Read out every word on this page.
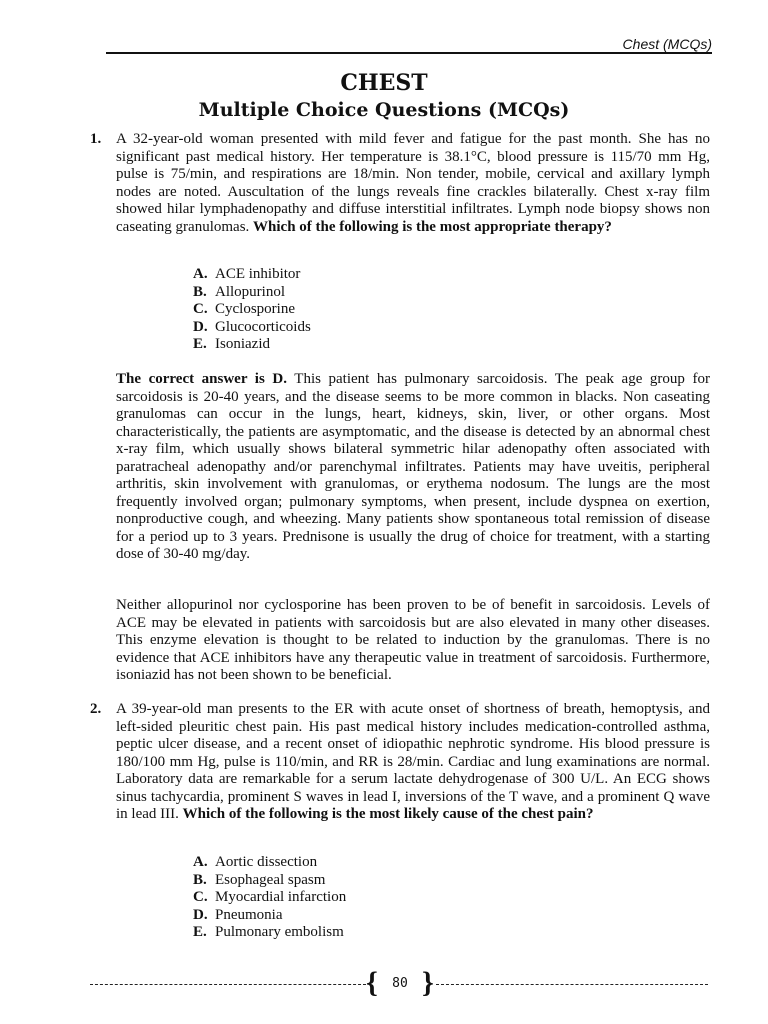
Chest (MCQs)
CHEST
Multiple Choice Questions (MCQs)
1. A 32-year-old woman presented with mild fever and fatigue for the past month. She has no significant past medical history. Her temperature is 38.1°C, blood pressure is 115/70 mm Hg, pulse is 75/min, and respirations are 18/min. Non tender, mobile, cervical and axillary lymph nodes are noted. Auscultation of the lungs reveals fine crackles bilaterally. Chest x-ray film showed hilar lymphadenopathy and diffuse interstitial infiltrates. Lymph node biopsy shows non caseating granulomas. Which of the following is the most appropriate therapy?
A. ACE inhibitor
B. Allopurinol
C. Cyclosporine
D. Glucocorticoids
E. Isoniazid
The correct answer is D. This patient has pulmonary sarcoidosis. The peak age group for sarcoidosis is 20-40 years, and the disease seems to be more common in blacks. Non caseating granulomas can occur in the lungs, heart, kidneys, skin, liver, or other organs. Most characteristically, the patients are asymptomatic, and the disease is detected by an abnormal chest x-ray film, which usually shows bilateral symmetric hilar adenopathy often associated with paratracheal adenopathy and/or parenchymal infiltrates. Patients may have uveitis, peripheral arthritis, skin involvement with granulomas, or erythema nodosum. The lungs are the most frequently involved organ; pulmonary symptoms, when present, include dyspnea on exertion, nonproductive cough, and wheezing. Many patients show spontaneous total remission of disease for a period up to 3 years. Prednisone is usually the drug of choice for treatment, with a starting dose of 30-40 mg/day.
Neither allopurinol nor cyclosporine has been proven to be of benefit in sarcoidosis. Levels of ACE may be elevated in patients with sarcoidosis but are also elevated in many other diseases. This enzyme elevation is thought to be related to induction by the granulomas. There is no evidence that ACE inhibitors have any therapeutic value in treatment of sarcoidosis. Furthermore, isoniazid has not been shown to be beneficial.
2. A 39-year-old man presents to the ER with acute onset of shortness of breath, hemoptysis, and left-sided pleuritic chest pain. His past medical history includes medication-controlled asthma, peptic ulcer disease, and a recent onset of idiopathic nephrotic syndrome. His blood pressure is 180/100 mm Hg, pulse is 110/min, and RR is 28/min. Cardiac and lung examinations are normal. Laboratory data are remarkable for a serum lactate dehydrogenase of 300 U/L. An ECG shows sinus tachycardia, prominent S waves in lead I, inversions of the T wave, and a prominent Q wave in lead III. Which of the following is the most likely cause of the chest pain?
A. Aortic dissection
B. Esophageal spasm
C. Myocardial infarction
D. Pneumonia
E. Pulmonary embolism
{	80 }
